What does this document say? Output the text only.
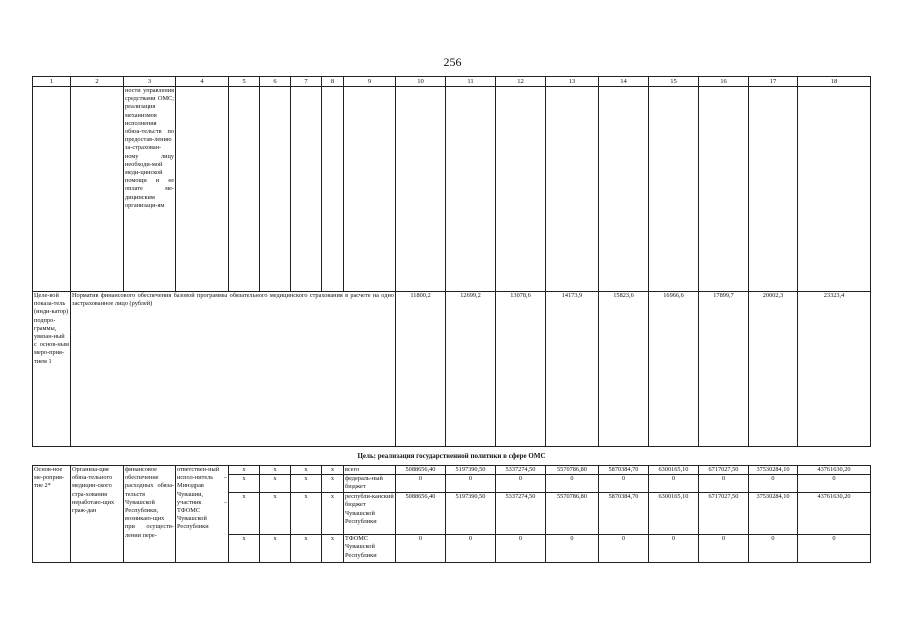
256
1	2	3	4	5	6	7	8	9	10	11	12	13	14	15	16	17	18
		ности управления средствами ОМС; реализация механизмов исполнения обяза-тельств по предостав-лению за-страхован-ному лицу необходи-мой меди-цинской помощи и ее оплате ме-дицинским организаци-ям															
Целе-вой показа-тель (инди-катор) подпро-граммы, увязан-ный с основ-ным меро-прия-тием 1	Норматив финансового обеспечения базовой программы обязательного медицинского страхования в расчете на одно застрахованное лицо (рублей)								11800,2	12699,2	13078,6	14173,9	15823,6	16966,6	17899,7	20002,3	23323,4
Цель: реализация государственной политики в сфере ОМС																	
Основ-ное ме-роприя-тие 2*	Организа-ция обяза-тельного медицин-ского стра-хования неработаю-щих граж-дан	финансовое обеспечение расходных обяза-тельств Чувашской Республики, возникаю-щих при осуществ-лении пере-	ответствен-ный испол-нитель – Минздрав Чувашии, участник – ТФОМС Чувашской Республики	х	х	х	х	всего	5088656,40	5197390,50	5337274,50	5570786,80	5870384,70	6300165,10	6717027,50	37530284,10	43761630,20
				х	х	х	х	федераль-ный бюджет	0	0	0	0	0	0	0	0	0
				х	х	х	х	республи-канский бюджет Чувашской Республики	5088656,40	5197390,50	5337274,50	5570786,80	5870384,70	6300165,10	6717027,50	37530284,10	43761630,20
				х	х	х	х	ТФОМС Чувашской Республики	0	0	0	0	0	0	0	0	0
